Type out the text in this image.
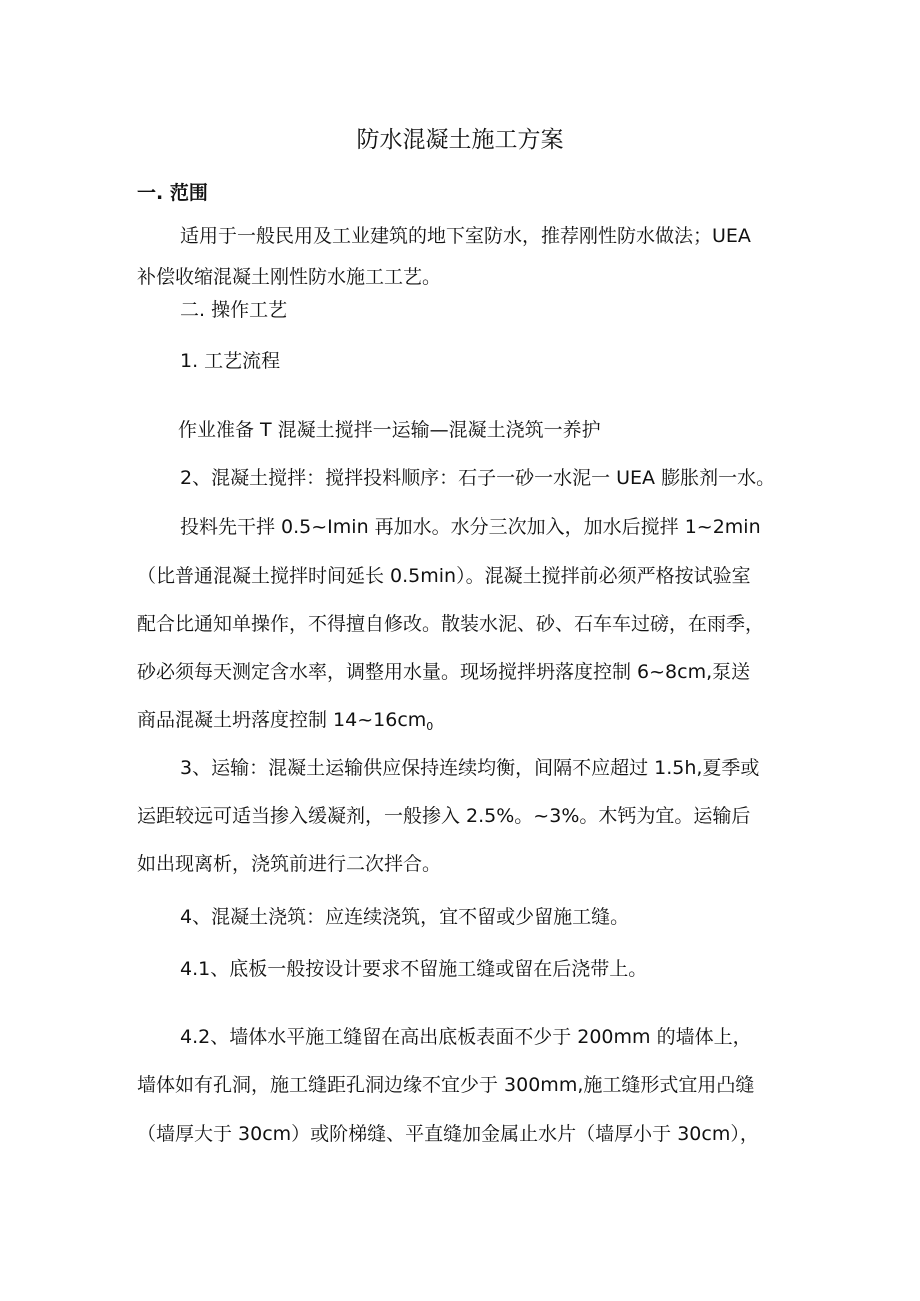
防水混凝土施工方案

一. 范围

适用于一般民用及工业建筑的地下室防水，推荐刚性防水做法；UEA

补偿收缩混凝土刚性防水施工工艺。

二. 操作工艺

1. 工艺流程

作业准备 T 混凝土搅拌一运输—混凝土浇筑一养护

2、混凝土搅拌：搅拌投料顺序：石子一砂一水泥一 UEA 膨胀剂一水。

投料先干拌 0.5~Imin 再加水。水分三次加入，加水后搅拌 1~2min

（比普通混凝土搅拌时间延长 0.5min）。混凝土搅拌前必须严格按试验室

配合比通知单操作，不得擅自修改。散装水泥、砂、石车车过磅，在雨季，

砂必须每天测定含水率，调整用水量。现场搅拌坍落度控制 6~8cm,泵送

商品混凝土坍落度控制 $14\sim 16cm_0$

3、运输：混凝土运输供应保持连续均衡，间隔不应超过 1.5h,夏季或

运距较远可适当掺入缓凝剂，一般掺入 2.5%。~3%。木钙为宜。运输后

如出现离析，浇筑前进行二次拌合。

4、混凝土浇筑：应连续浇筑，宜不留或少留施工缝。

4.1、底板一般按设计要求不留施工缝或留在后浇带上。

4.2、墙体水平施工缝留在高出底板表面不少于 200mm 的墙体上，

墙体如有孔洞，施工缝距孔洞边缘不宜少于 300mm,施工缝形式宜用凸缝

（墙厚大于 30cm）或阶梯缝、平直缝加金属止水片（墙厚小于 30cm），
